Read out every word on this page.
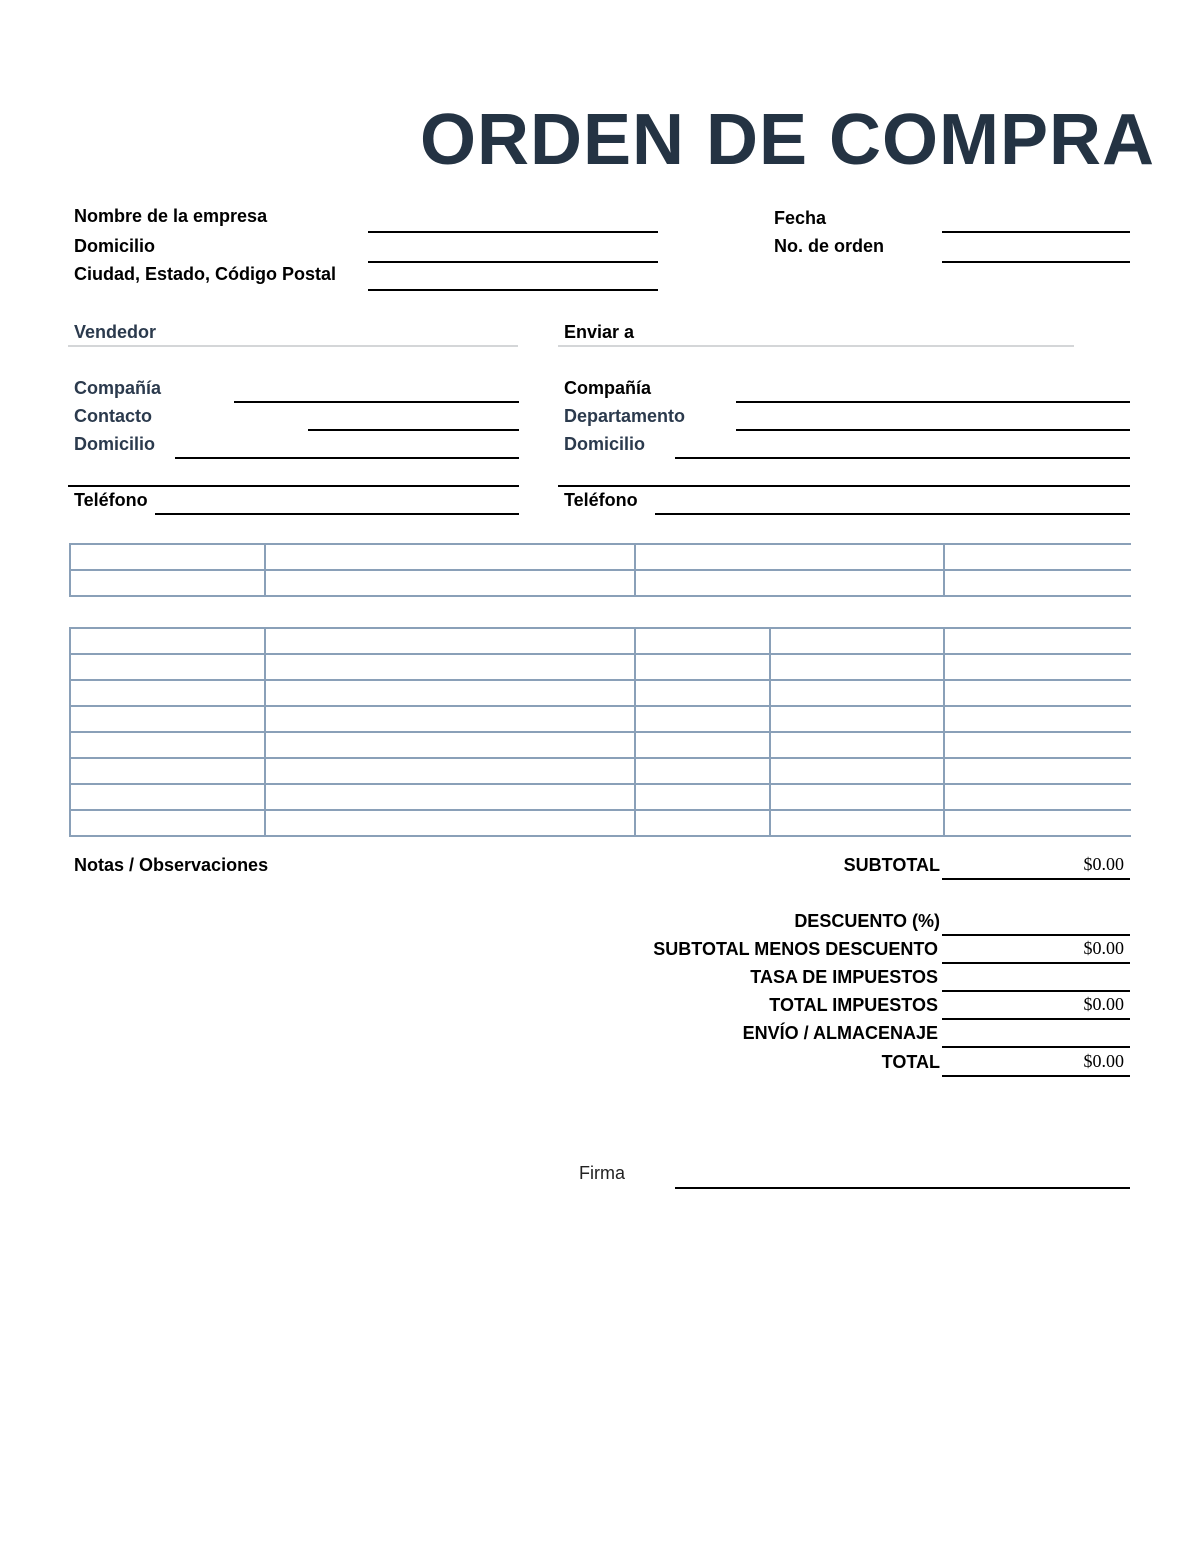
ORDEN DE COMPRA
Nombre de la empresa
Domicilio
Ciudad, Estado, Código Postal
Fecha
No. de orden
Vendedor
Compañía
Contacto
Domicilio
Teléfono
Enviar a
Compañía
Departamento
Domicilio
Teléfono

Notas / Observaciones	SUBTOTAL	$0.00
DESCUENTO (%)
SUBTOTAL MENOS DESCUENTO	$0.00
TASA DE IMPUESTOS
TOTAL IMPUESTOS	$0.00
ENVÍO / ALMACENAJE
TOTAL	$0.00
Firma
